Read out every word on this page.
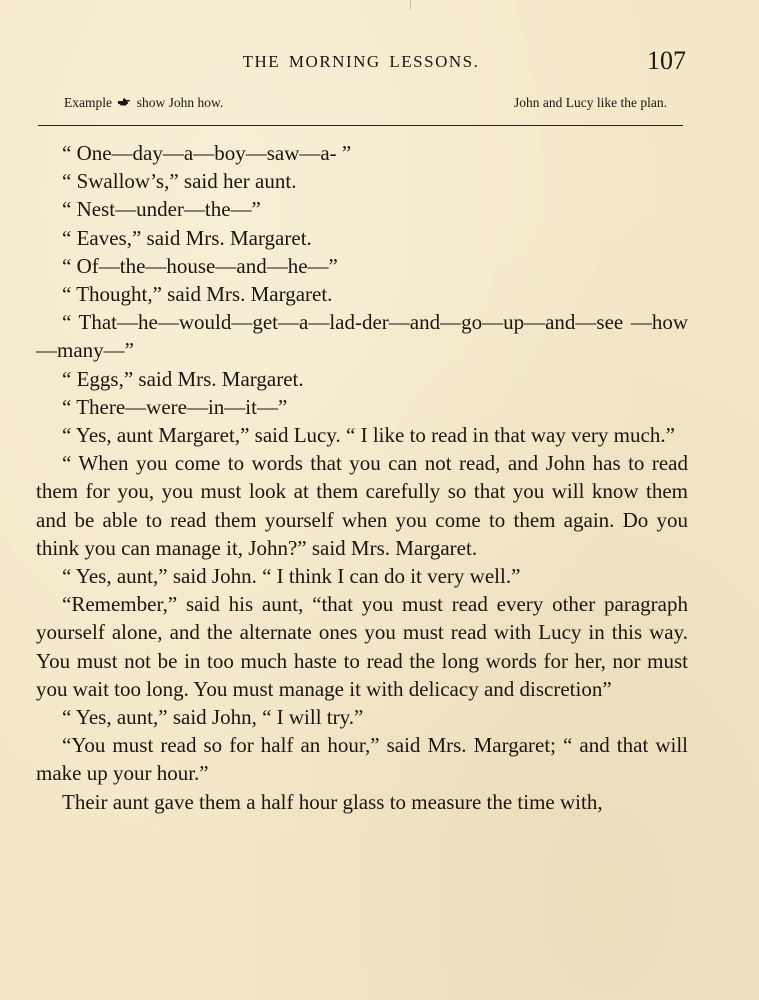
THE MORNING LESSONS.	107
Example show John how.	John and Lucy like the plan.

“ One—day—a—boy—saw—a- ”

“ Swallow’s,” said her aunt.

“ Nest—under—the—”

“ Eaves,” said Mrs. Margaret.

“ Of—the—house—and—he—”

“ Thought,” said Mrs. Margaret.

“ That—he—would—get—a—lad-der—and—go—up—and—see —how—many—”

“ Eggs,” said Mrs. Margaret.

“ There—were—in—it—”

“ Yes, aunt Margaret,” said Lucy. “ I like to read in that way very much.”

“ When you come to words that you can not read, and John has to read them for you, you must look at them carefully so that you will know them and be able to read them yourself when you come to them again. Do you think you can manage it, John?” said Mrs. Margaret.

“ Yes, aunt,” said John. “ I think I can do it very well.”

“Remember,” said his aunt, “that you must read every other paragraph yourself alone, and the alternate ones you must read with Lucy in this way. You must not be in too much haste to read the long words for her, nor must you wait too long. You must manage it with delicacy and discretion”

“ Yes, aunt,” said John, “ I will try.”

“You must read so for half an hour,” said Mrs. Margaret; “ and that will make up your hour.”

Their aunt gave them a half hour glass to measure the time with,
